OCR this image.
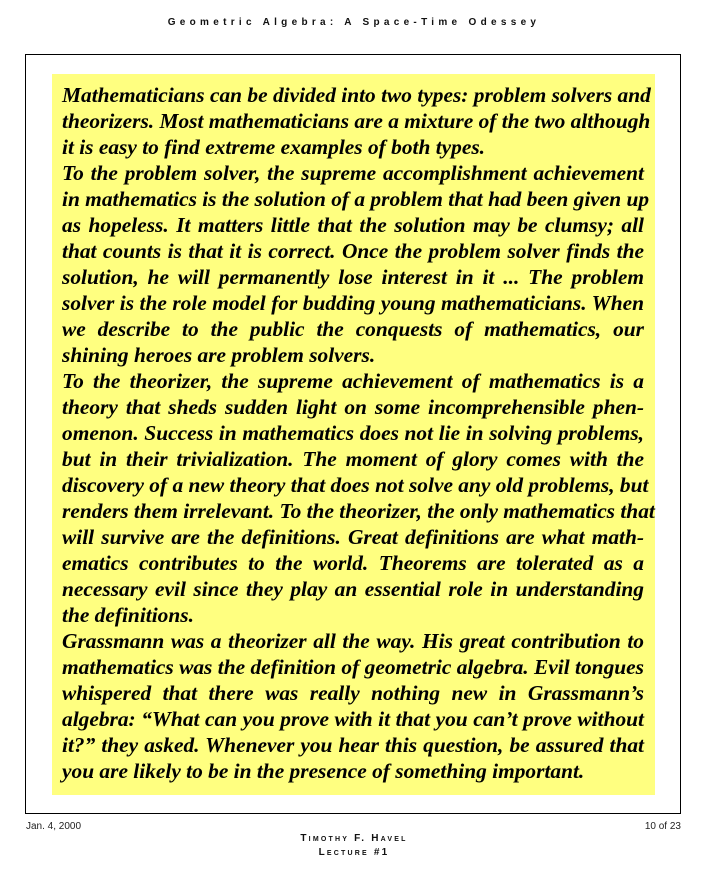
Geometric Algebra: A Space-Time Odessey
Mathematicians can be divided into two types: problem solvers and
theorizers. Most mathematicians are a mixture of the two although
it is easy to find extreme examples of both types.
To the problem solver, the supreme accomplishment achievement
in mathematics is the solution of a problem that had been given up
as hopeless. It matters little that the solution may be clumsy; all
that counts is that it is correct. Once the problem solver finds the
solution, he will permanently lose interest in it ... The problem
solver is the role model for budding young mathematicians. When
we describe to the public the conquests of mathematics, our
shining heroes are problem solvers.
To the theorizer, the supreme achievement of mathematics is a
theory that sheds sudden light on some incomprehensible phen-
omenon. Success in mathematics does not lie in solving problems,
but in their trivialization. The moment of glory comes with the
discovery of a new theory that does not solve any old problems, but
renders them irrelevant. To the theorizer, the only mathematics that
will survive are the definitions. Great definitions are what math-
ematics contributes to the world. Theorems are tolerated as a
necessary evil since they play an essential role in understanding
the definitions.
Grassmann was a theorizer all the way. His great contribution to
mathematics was the definition of geometric algebra. Evil tongues
whispered that there was really nothing new in Grassmann’s
algebra: “What can you prove with it that you can’t prove without
it?” they asked. Whenever you hear this question, be assured that
you are likely to be in the presence of something important.
Jan. 4, 2000	10 of 23
Timothy F. Havel
Lecture #1
